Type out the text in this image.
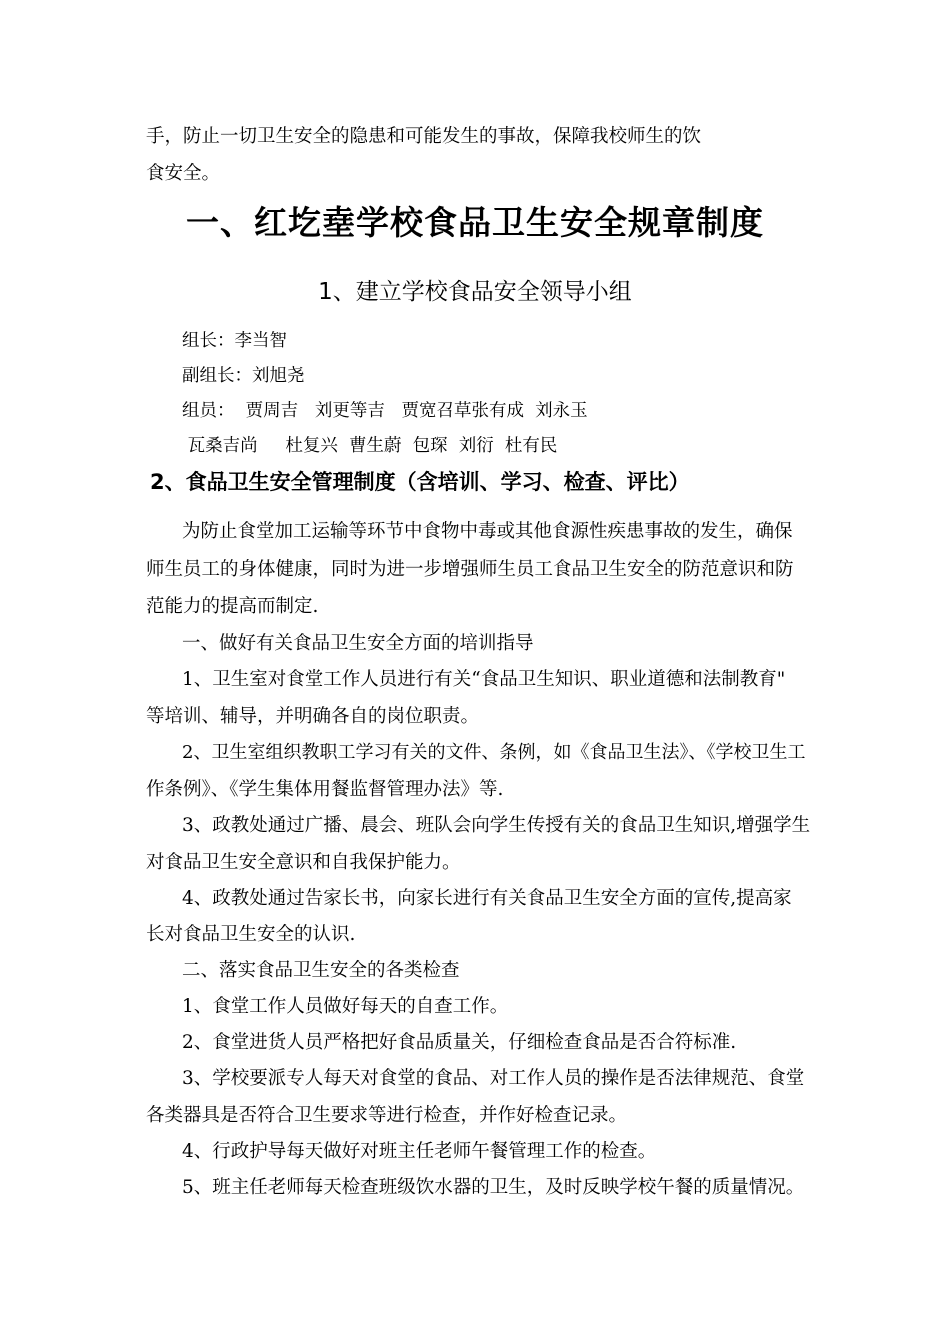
手，防止一切卫生安全的隐患和可能发生的事故，保障我校师生的饮
食安全。
一、红圪㙓学校食品卫生安全规章制度
1、建立学校食品安全领导小组
组长：李当智
副组长：刘旭尧
组员：  贾周吉   刘更等吉   贾宽召草张有成  刘永玉
瓦桑吉尚     杜复兴  曹生蔚  包琛  刘衍  杜有民
2、食品卫生安全管理制度（含培训、学习、检查、评比）
为防止食堂加工运输等环节中食物中毒或其他食源性疾患事故的发生，确保
师生员工的身体健康，同时为进一步增强师生员工食品卫生安全的防范意识和防
范能力的提高而制定.
一、做好有关食品卫生安全方面的培训指导
1、卫生室对食堂工作人员进行有关“食品卫生知识、职业道德和法制教育"
等培训、辅导，并明确各自的岗位职责。
2、卫生室组织教职工学习有关的文件、条例，如《食品卫生法》、《学校卫生工
作条例》、《学生集体用餐监督管理办法》等.
3、政教处通过广播、晨会、班队会向学生传授有关的食品卫生知识,增强学生
对食品卫生安全意识和自我保护能力。
4、政教处通过告家长书，向家长进行有关食品卫生安全方面的宣传,提高家
长对食品卫生安全的认识.
二、落实食品卫生安全的各类检查
1、食堂工作人员做好每天的自查工作。
2、食堂进货人员严格把好食品质量关，仔细检查食品是否合符标准.
3、学校要派专人每天对食堂的食品、对工作人员的操作是否法律规范、食堂
各类器具是否符合卫生要求等进行检查，并作好检查记录。
4、行政护导每天做好对班主任老师午餐管理工作的检查。
5、班主任老师每天检查班级饮水器的卫生，及时反映学校午餐的质量情况。
